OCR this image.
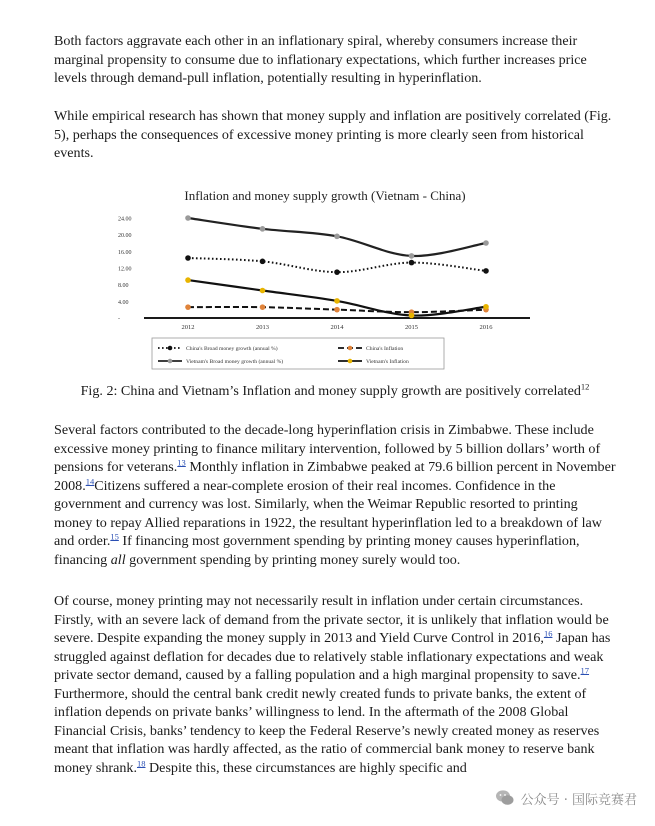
Both factors aggravate each other in an inflationary spiral, whereby consumers increase their marginal propensity to consume due to inflationary expectations, which further increases price levels through demand-pull inflation, potentially resulting in hyperinflation.

While empirical research has shown that money supply and inflation are positively correlated (Fig. 5), perhaps the consequences of excessive money printing is more clearly seen from historical events.

Inflation and money supply growth (Vietnam - China)
24.00
20.00
16.00
12.00
8.00
4.00
-
2012	2013	2014	2015	2016
China's Broad money growth (annual %)	China's Inflation
Vietnam's Broad money growth (annual %)	Vietnam's Inflation
Fig. 2: China and Vietnam’s Inflation and money supply growth are positively correlated$^{12}$

Several factors contributed to the decade-long hyperinflation crisis in Zimbabwe. These include excessive money printing to finance military intervention, followed by 5 billion dollars’ worth of pensions for veterans.$^{13}$ Monthly inflation in Zimbabwe peaked at 79.6 billion percent in November 2008.14Citizens suffered a near-complete erosion of their real incomes. Confidence in the government and currency was lost. Similarly, when the Weimar Republic resorted to printing money to repay Allied reparations in 1922, the resultant hyperinflation led to a breakdown of law and order.$^{15}$ If financing most government spending by printing money causes hyperinflation, financing all government spending by printing money surely would too.

Of course, money printing may not necessarily result in inflation under certain circumstances. Firstly, with an severe lack of demand from the private sector, it is unlikely that inflation would be severe. Despite expanding the money supply in 2013 and Yield Curve Control in 2016,16 Japan has struggled against deflation for decades due to relatively stable inflationary expectations and weak private sector demand, caused by a falling population and a high marginal propensity to save.$^{17}$ Furthermore, should the central bank credit newly created funds to private banks, the extent of inflation depends on private banks’ willingness to lend. In the aftermath of the 2008 Global Financial Crisis, banks’ tendency to keep the Federal Reserve’s newly created money as reserves meant that inflation was hardly affected, as the ratio of commercial bank money to reserve bank money shrank.$^{18}$ Despite this, these circumstances are highly specific and

公众号 · 国际竞赛君
